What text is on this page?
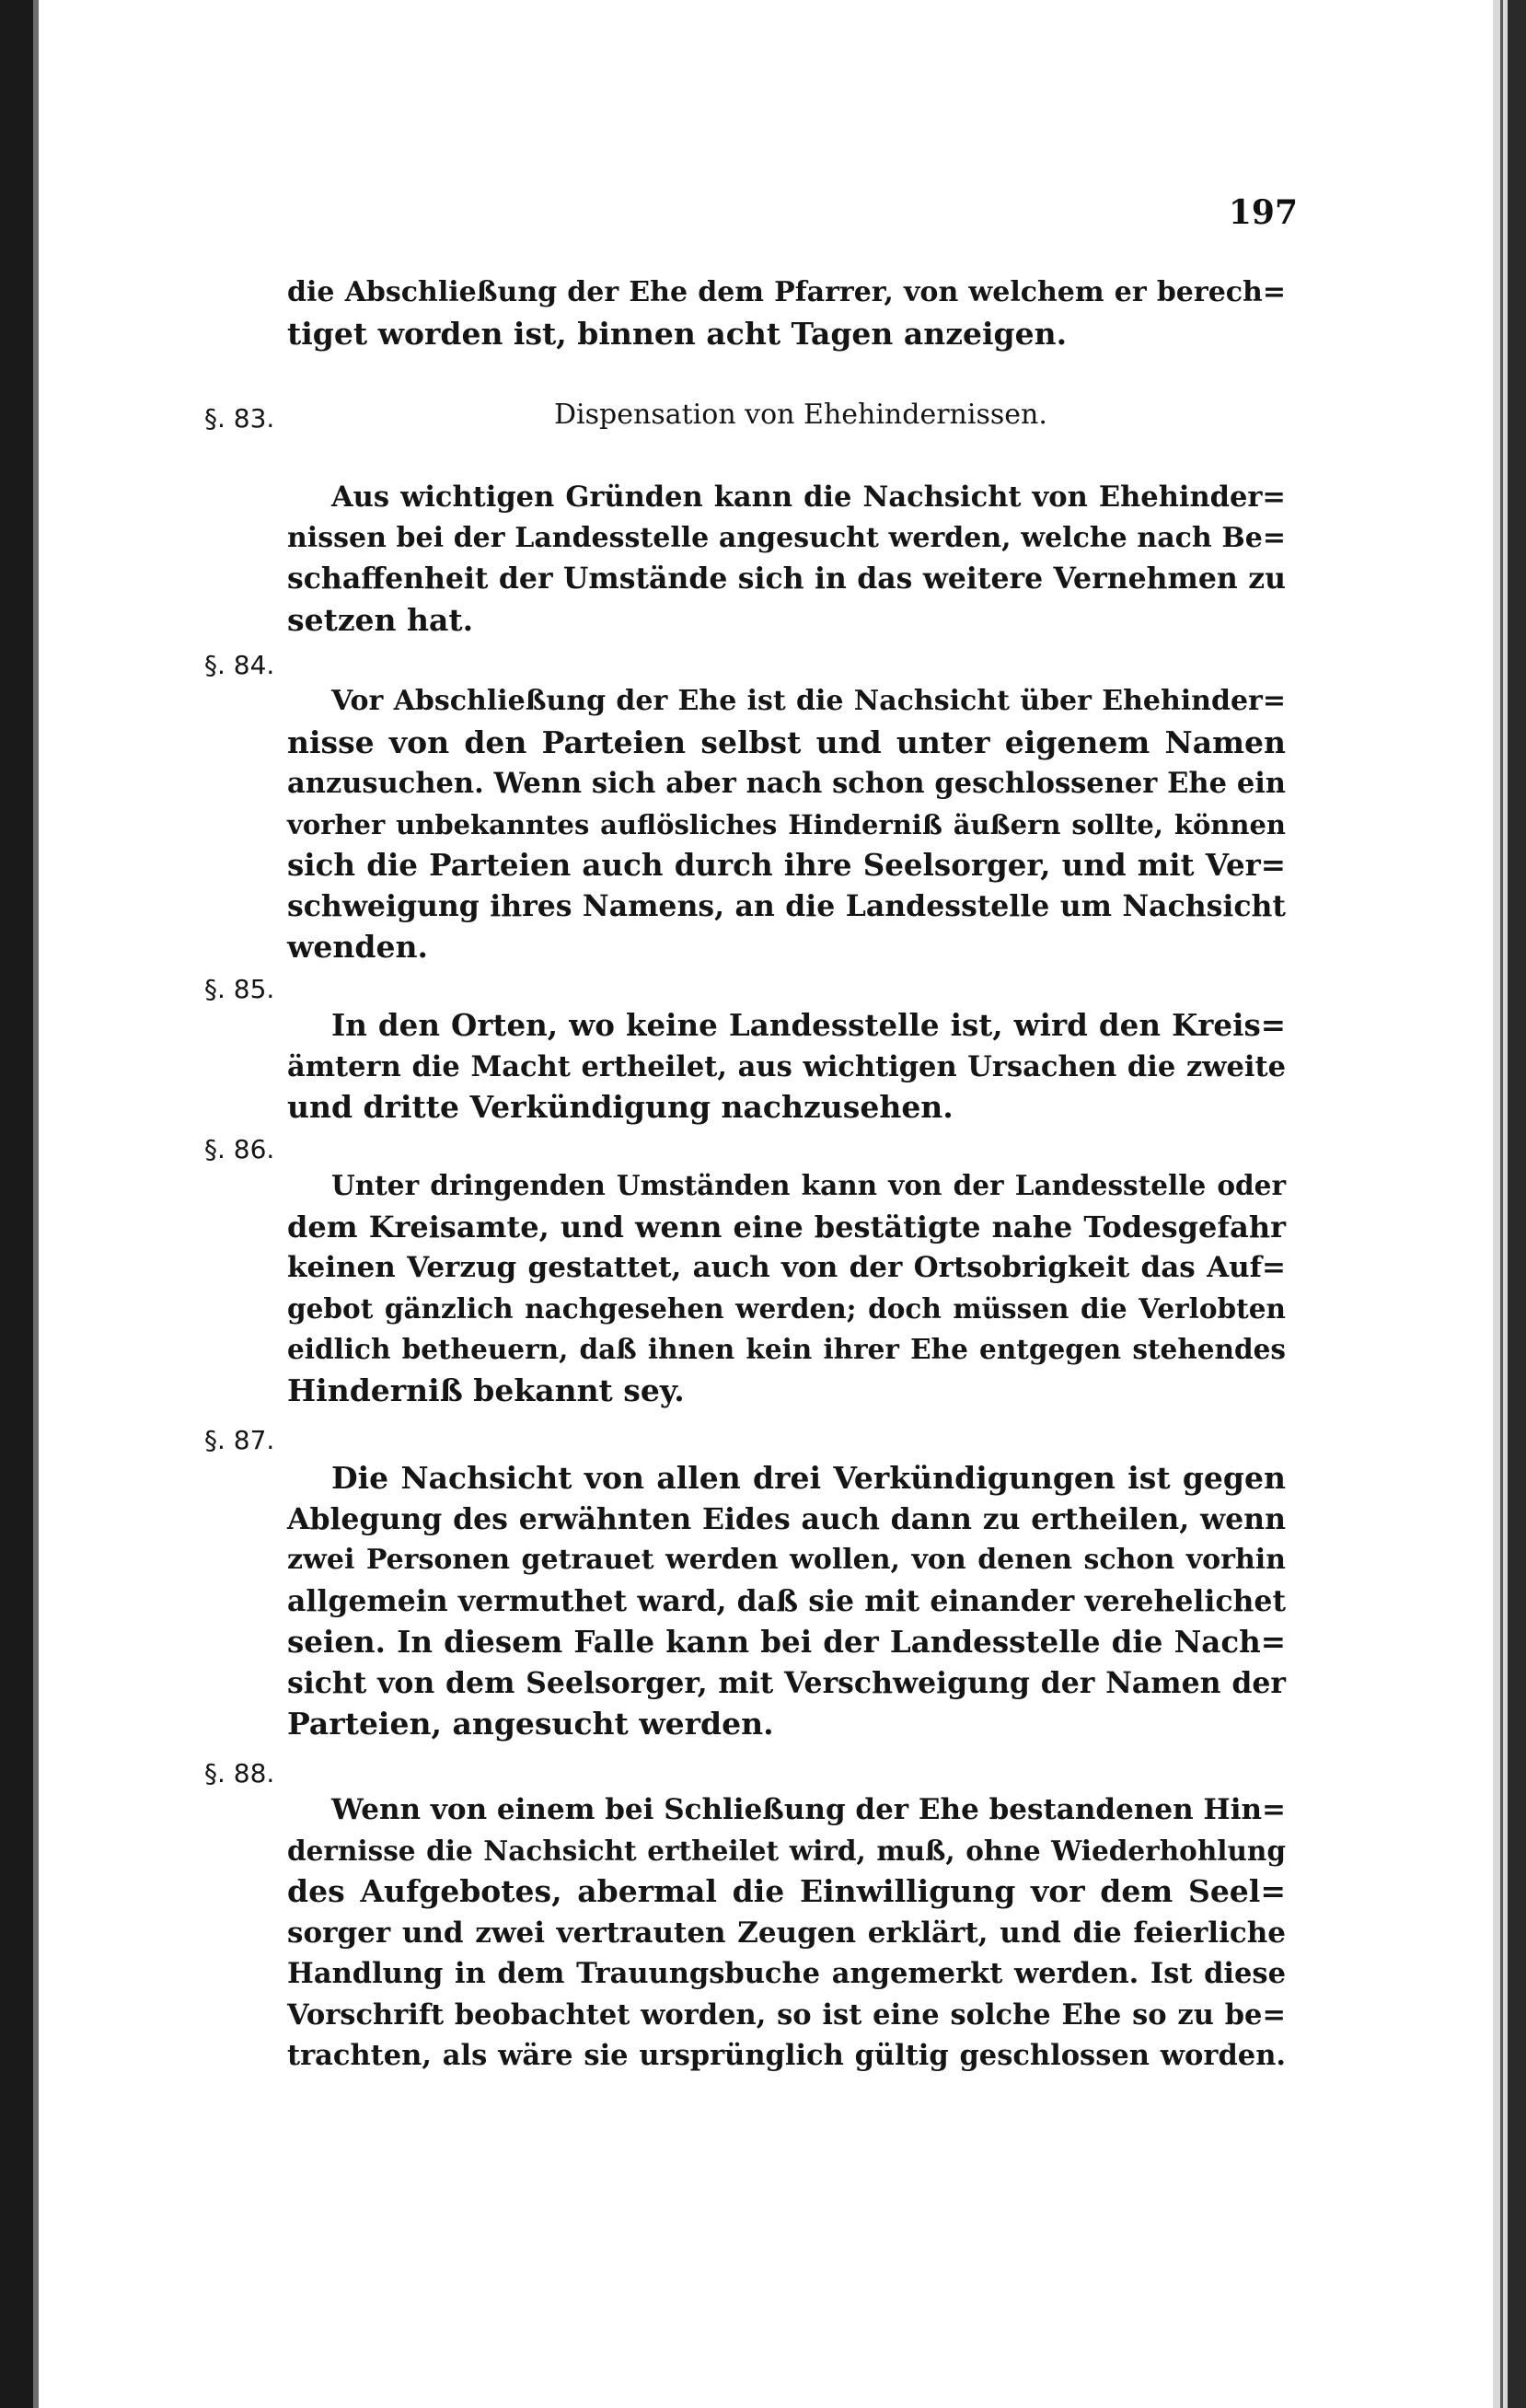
197
die Abschließung der Ehe dem Pfarrer, von welchem er berech=
tiget worden ist, binnen acht Tagen anzeigen.
§. 83.	Dispensation von Ehehindernissen.
Aus wichtigen Gründen kann die Nachsicht von Ehehinder=
nissen bei der Landesstelle angesucht werden, welche nach Be=
schaffenheit der Umstände sich in das weitere Vernehmen zu
setzen hat.
§. 84.
Vor Abschließung der Ehe ist die Nachsicht über Ehehinder=
nisse von den Parteien selbst und unter eigenem Namen
anzusuchen. Wenn sich aber nach schon geschlossener Ehe ein
vorher unbekanntes auflösliches Hinderniß äußern sollte, können
sich die Parteien auch durch ihre Seelsorger, und mit Ver=
schweigung ihres Namens, an die Landesstelle um Nachsicht
wenden.
§. 85.
In den Orten, wo keine Landesstelle ist, wird den Kreis=
ämtern die Macht ertheilet, aus wichtigen Ursachen die zweite
und dritte Verkündigung nachzusehen.
§. 86.
Unter dringenden Umständen kann von der Landesstelle oder
dem Kreisamte, und wenn eine bestätigte nahe Todesgefahr
keinen Verzug gestattet, auch von der Ortsobrigkeit das Auf=
gebot gänzlich nachgesehen werden; doch müssen die Verlobten
eidlich betheuern, daß ihnen kein ihrer Ehe entgegen stehendes
Hinderniß bekannt sey.
§. 87.
Die Nachsicht von allen drei Verkündigungen ist gegen
Ablegung des erwähnten Eides auch dann zu ertheilen, wenn
zwei Personen getrauet werden wollen, von denen schon vorhin
allgemein vermuthet ward, daß sie mit einander verehelichet
seien. In diesem Falle kann bei der Landesstelle die Nach=
sicht von dem Seelsorger, mit Verschweigung der Namen der
Parteien, angesucht werden.
§. 88.
Wenn von einem bei Schließung der Ehe bestandenen Hin=
dernisse die Nachsicht ertheilet wird, muß, ohne Wiederhohlung
des Aufgebotes, abermal die Einwilligung vor dem Seel=
sorger und zwei vertrauten Zeugen erklärt, und die feierliche
Handlung in dem Trauungsbuche angemerkt werden. Ist diese
Vorschrift beobachtet worden, so ist eine solche Ehe so zu be=
trachten, als wäre sie ursprünglich gültig geschlossen worden.
